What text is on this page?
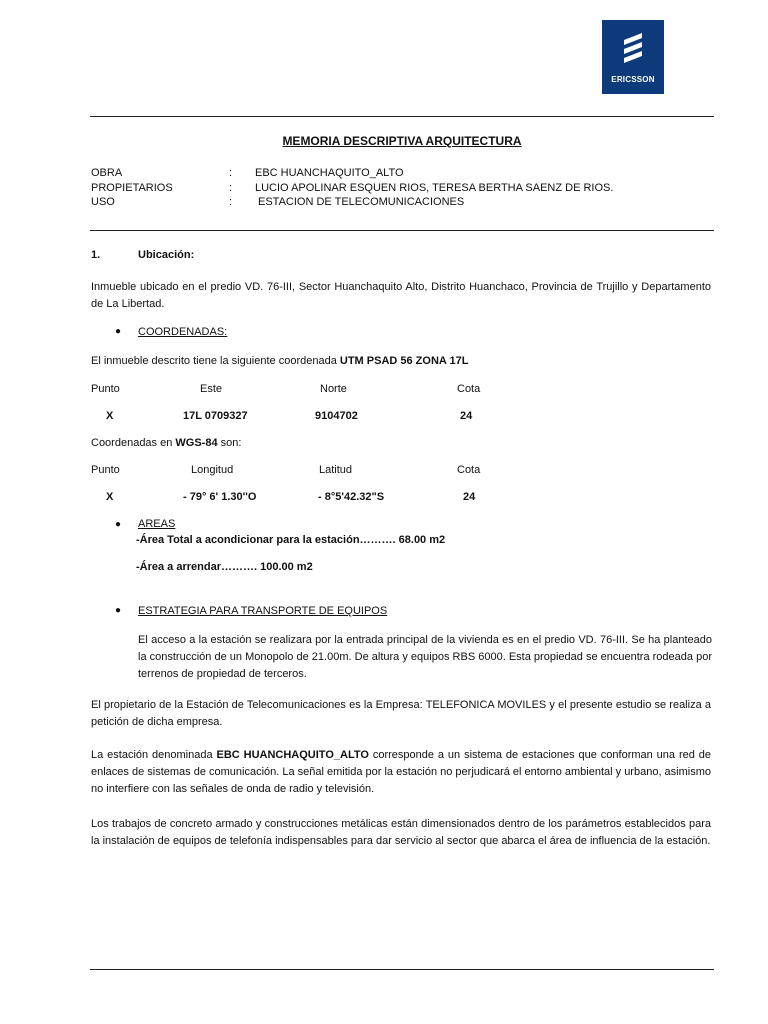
ERICSSON
MEMORIA DESCRIPTIVA ARQUITECTURA
OBRA	: EBC HUANCHAQUITO_ALTO
PROPIETARIOS	: LUCIO APOLINAR ESQUEN RIOS, TERESA BERTHA SAENZ DE RIOS.
USO	: ESTACION DE TELECOMUNICACIONES
1.	Ubicación:
Inmueble ubicado en el predio VD. 76-III, Sector Huanchaquito Alto, Distrito Huanchaco, Provincia de Trujillo y Departamento de La Libertad.
● COORDENADAS:
El inmueble descrito tiene la siguiente coordenada UTM PSAD 56 ZONA 17L
Punto	Este	Norte	Cota
X	17L 0709327	9104702	24
Coordenadas en WGS-84 son:
Punto	Longitud	Latitud	Cota
X	- 79° 6' 1.30''O	- 8°5'42.32"S	24
● AREAS
-Área Total a acondicionar para la estación………. 68.00 m2
-Área a arrendar………. 100.00 m2
● ESTRATEGIA PARA TRANSPORTE DE EQUIPOS
El acceso a la estación se realizara por la entrada principal de la vivienda es en el predio VD. 76-III. Se ha planteado la construcción de un Monopolo de 21.00m. De altura y equipos RBS 6000. Esta propiedad se encuentra rodeada por terrenos de propiedad de terceros.
El propietario de la Estación de Telecomunicaciones es la Empresa: TELEFONICA MOVILES y el presente estudio se realiza a petición de dicha empresa.
La estación denominada EBC HUANCHAQUITO_ALTO corresponde a un sistema de estaciones que conforman una red de enlaces de sistemas de comunicación. La señal emitida por la estación no perjudicará el entorno ambiental y urbano, asimismo no interfiere con las señales de onda de radio y televisión.
Los trabajos de concreto armado y construcciones metálicas están dimensionados dentro de los parámetros establecidos para la instalación de equipos de telefonía indispensables para dar servicio al sector que abarca el área de influencia de la estación.
